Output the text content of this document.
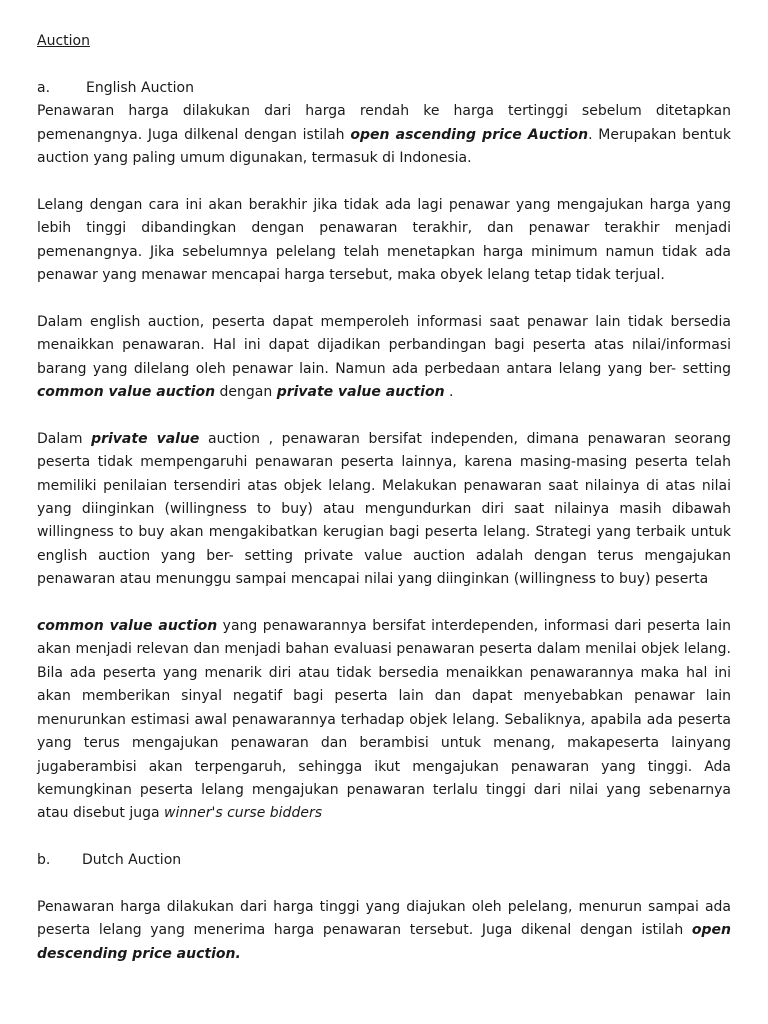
Auction
a.	English Auction

Penawaran harga dilakukan dari harga rendah ke harga tertinggi sebelum ditetapkan pemenangnya. Juga dilkenal dengan istilah open ascending price Auction. Merupakan bentuk auction yang paling umum digunakan, termasuk di Indonesia.

Lelang dengan cara ini akan berakhir jika tidak ada lagi penawar yang mengajukan harga yang lebih tinggi dibandingkan dengan penawaran terakhir, dan penawar terakhir menjadi pemenangnya. Jika sebelumnya pelelang telah menetapkan harga minimum namun tidak ada penawar yang menawar mencapai harga tersebut, maka obyek lelang tetap tidak terjual.

Dalam english auction, peserta dapat memperoleh informasi saat penawar lain tidak bersedia menaikkan penawaran. Hal ini dapat dijadikan perbandingan bagi peserta atas nilai/informasi barang yang dilelang oleh penawar lain. Namun ada perbedaan antara lelang yang ber- setting common value auction dengan private value auction .

Dalam private value auction , penawaran bersifat independen, dimana penawaran seorang peserta tidak mempengaruhi penawaran peserta lainnya, karena masing-masing peserta telah memiliki penilaian tersendiri atas objek lelang. Melakukan penawaran saat nilainya di atas nilai yang diinginkan (willingness to buy) atau mengundurkan diri saat nilainya masih dibawah willingness to buy akan mengakibatkan kerugian bagi peserta lelang. Strategi yang terbaik untuk english auction yang ber- setting private value auction adalah dengan terus mengajukan penawaran atau menunggu sampai mencapai nilai yang diinginkan (willingness to buy) peserta

common value auction yang penawarannya bersifat interdependen, informasi dari peserta lain akan menjadi relevan dan menjadi bahan evaluasi penawaran peserta dalam menilai objek lelang. Bila ada peserta yang menarik diri atau tidak bersedia menaikkan penawarannya maka hal ini akan memberikan sinyal negatif bagi peserta lain dan dapat menyebabkan penawar lain menurunkan estimasi awal penawarannya terhadap objek lelang. Sebaliknya, apabila ada peserta yang terus mengajukan penawaran dan berambisi untuk menang, makapeserta lainyang jugaberambisi akan terpengaruh, sehingga ikut mengajukan penawaran yang tinggi. Ada kemungkinan peserta lelang mengajukan penawaran terlalu tinggi dari nilai yang sebenarnya atau disebut juga winner's curse bidders

b.	Dutch Auction

Penawaran harga dilakukan dari harga tinggi yang diajukan oleh pelelang, menurun sampai ada peserta lelang yang menerima harga penawaran tersebut. Juga dikenal dengan istilah open descending price auction.
